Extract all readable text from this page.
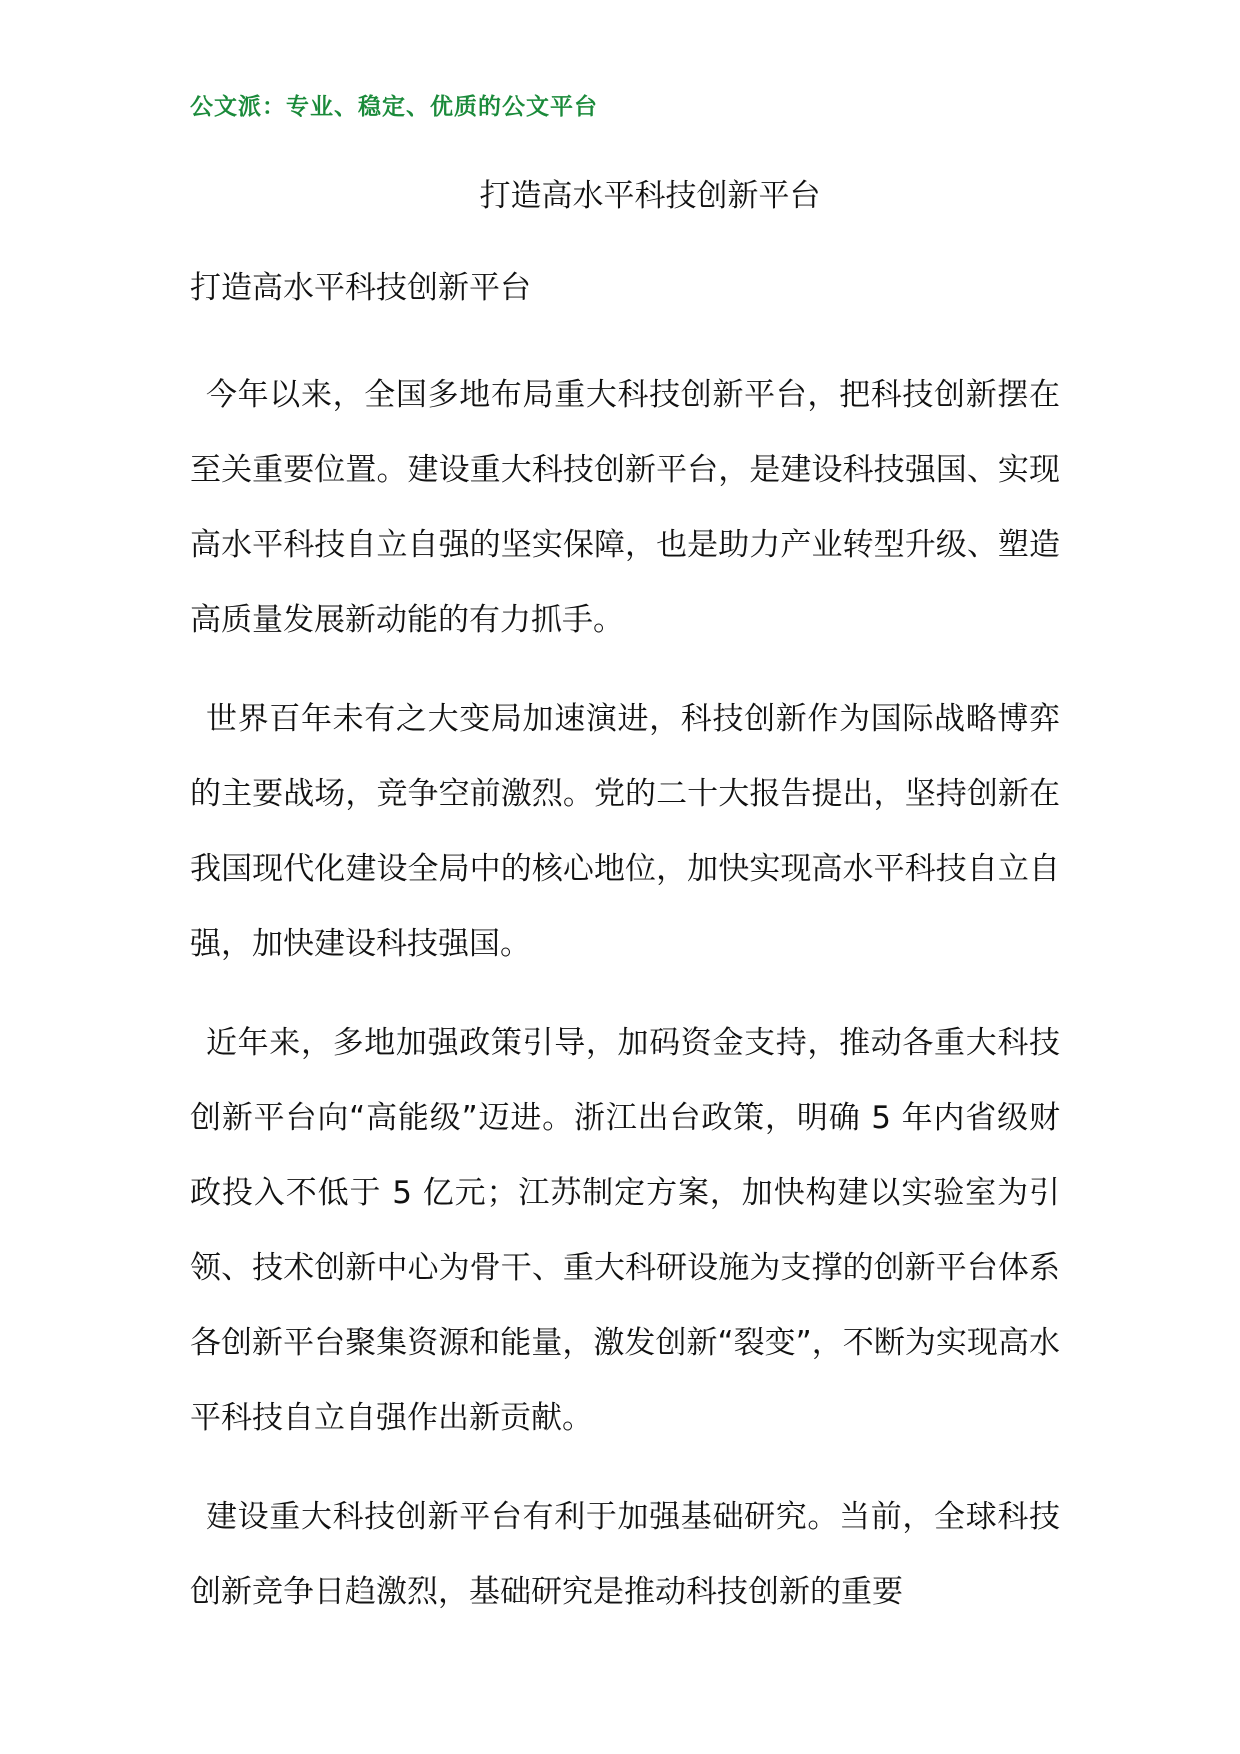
公文派：专业、稳定、优质的公文平台
打造高水平科技创新平台
打造高水平科技创新平台

今年以来，全国多地布局重大科技创新平台，把科技创新摆在至关重要位置。建设重大科技创新平台，是建设科技强国、实现高水平科技自立自强的坚实保障，也是助力产业转型升级、塑造高质量发展新动能的有力抓手。

世界百年未有之大变局加速演进，科技创新作为国际战略博弈的主要战场，竞争空前激烈。党的二十大报告提出，坚持创新在我国现代化建设全局中的核心地位，加快实现高水平科技自立自强，加快建设科技强国。

近年来，多地加强政策引导，加码资金支持，推动各重大科技创新平台向“高能级”迈进。浙江出台政策，明确 5 年内省级财政投入不低于 5 亿元；江苏制定方案，加快构建以实验室为引领、技术创新中心为骨干、重大科研设施为支撑的创新平台体系各创新平台聚集资源和能量，激发创新“裂变”，不断为实现高水平科技自立自强作出新贡献。

建设重大科技创新平台有利于加强基础研究。当前，全球科技创新竞争日趋激烈，基础研究是推动科技创新的重要
